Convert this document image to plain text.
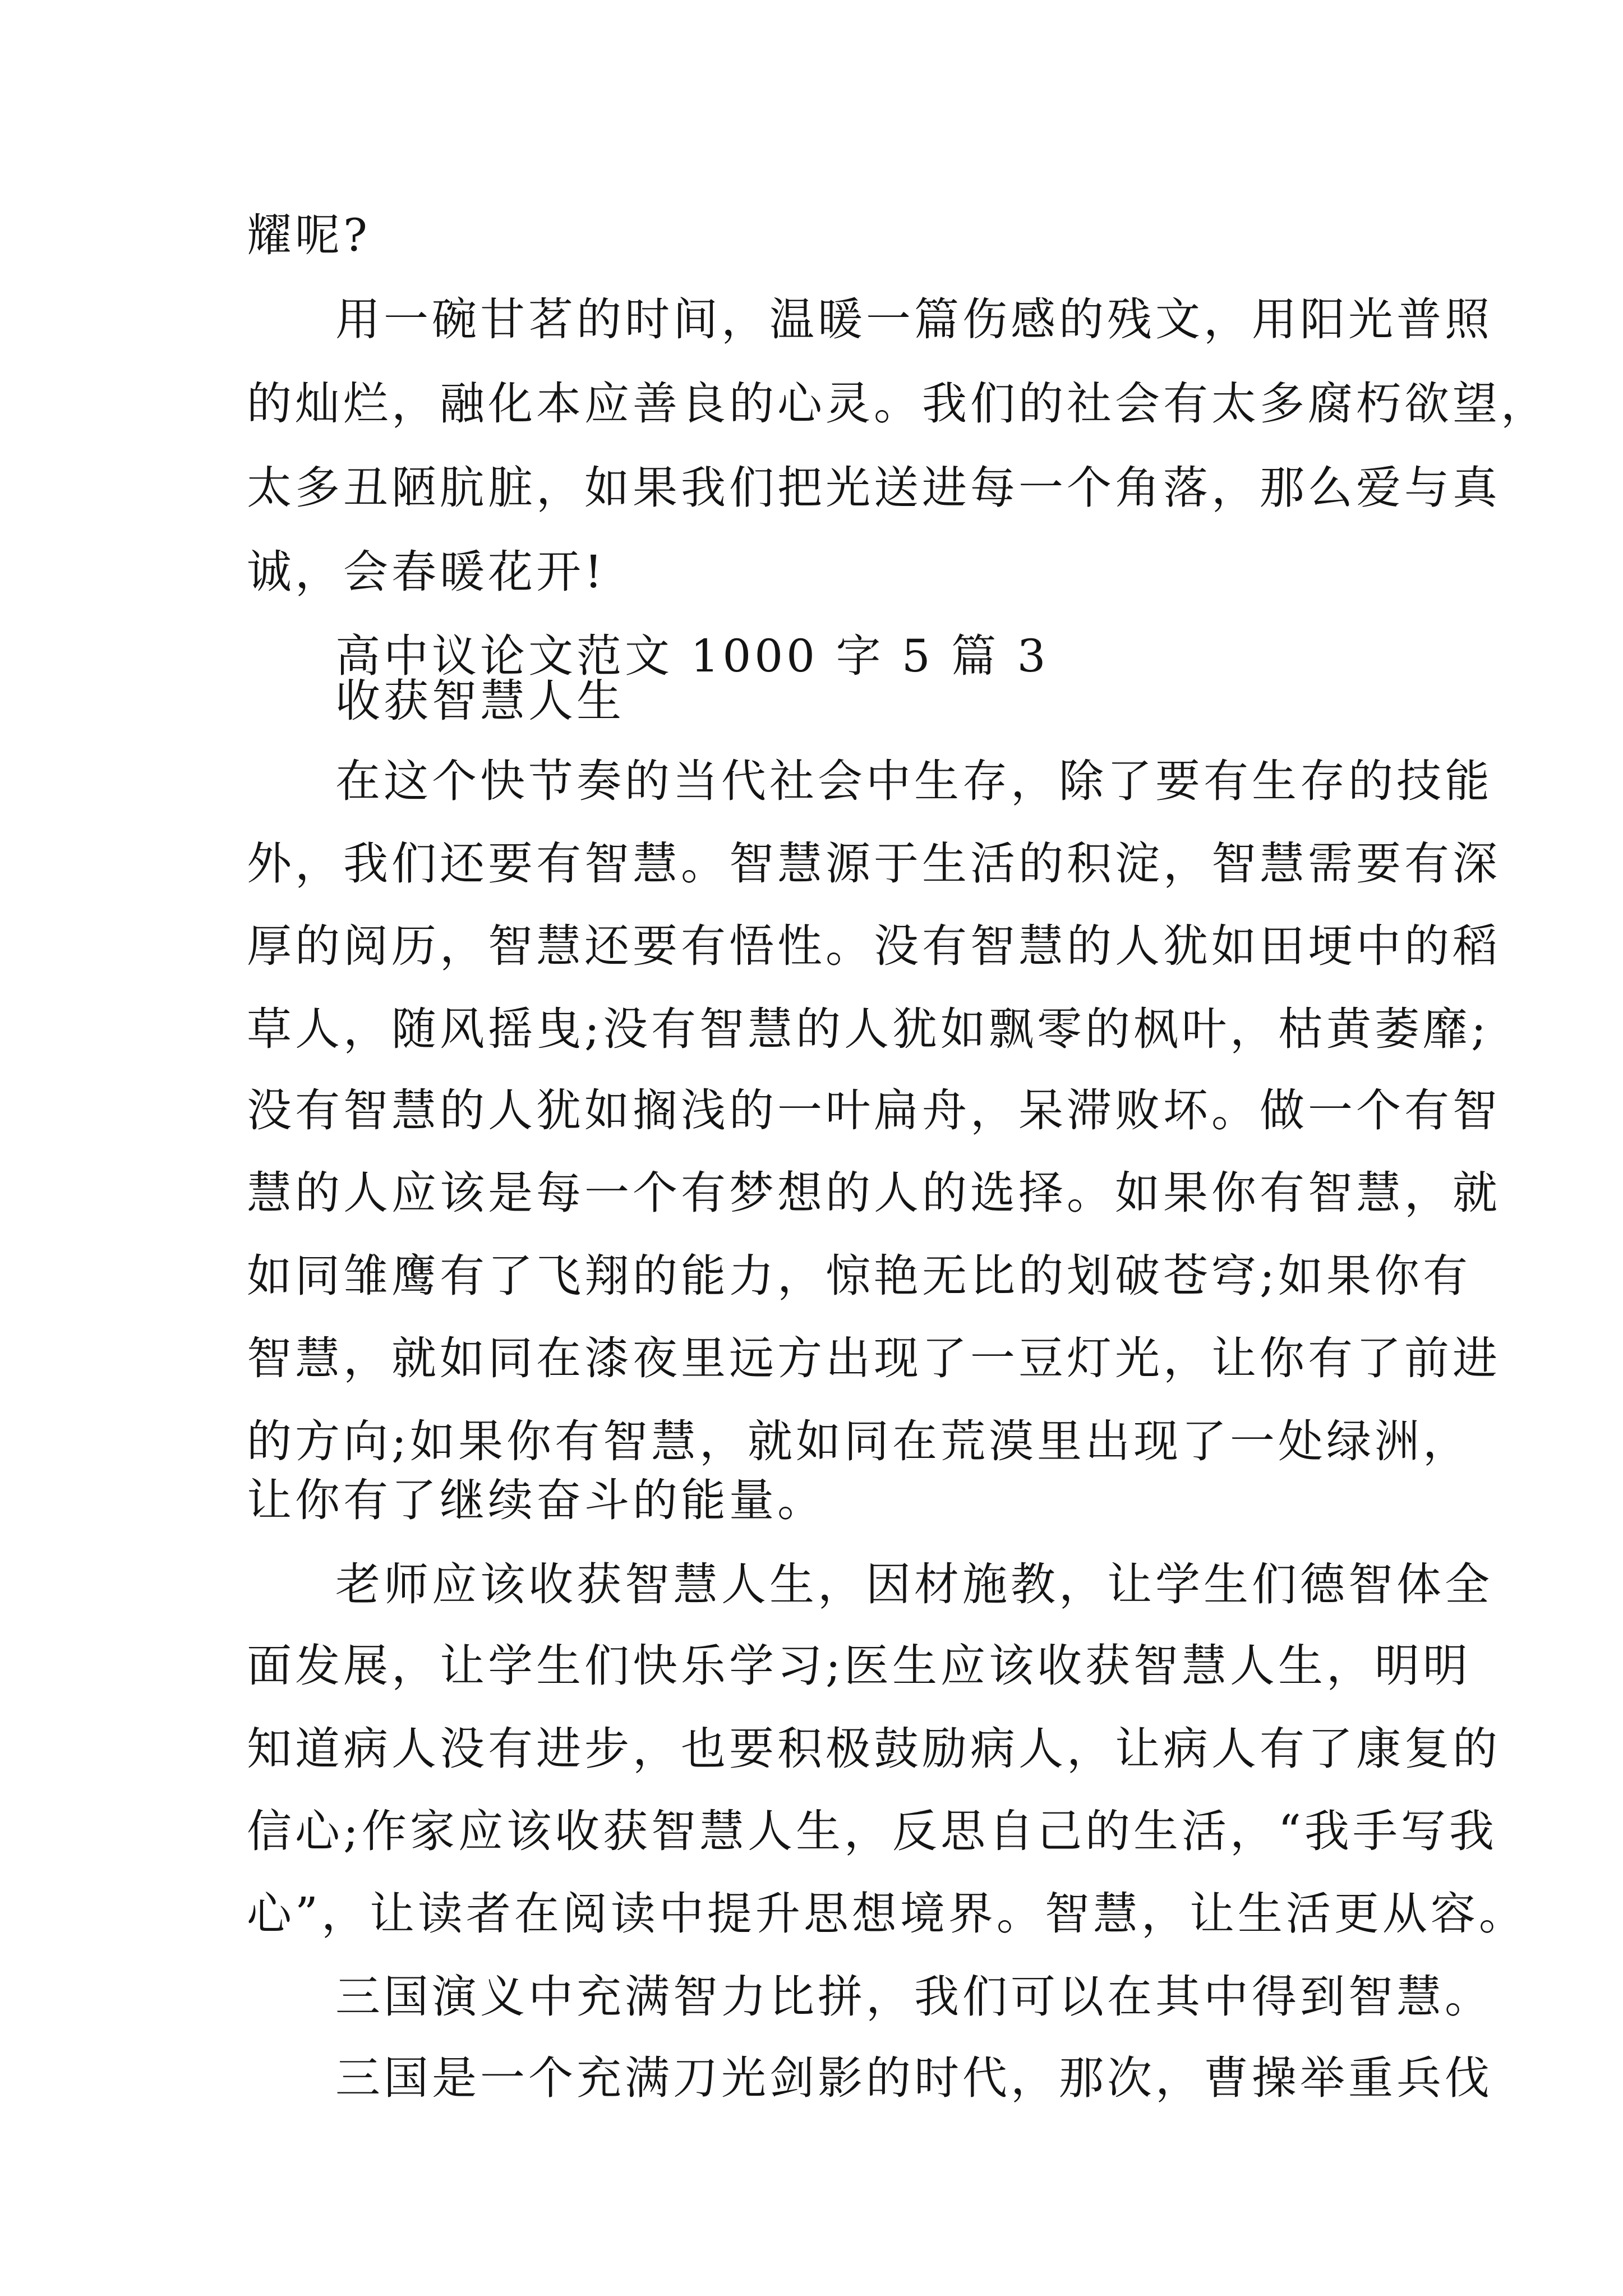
耀呢?
用一碗甘茗的时间，温暖一篇伤感的残文，用阳光普照
的灿烂，融化本应善良的心灵。我们的社会有太多腐朽欲望，
太多丑陋肮脏，如果我们把光送进每一个角落，那么爱与真
诚，会春暖花开!
高中议论文范文 1000 字 5 篇 3
收获智慧人生
在这个快节奏的当代社会中生存，除了要有生存的技能
外，我们还要有智慧。智慧源于生活的积淀，智慧需要有深
厚的阅历，智慧还要有悟性。没有智慧的人犹如田埂中的稻
草人，随风摇曳;没有智慧的人犹如飘零的枫叶，枯黄萎靡;
没有智慧的人犹如搁浅的一叶扁舟，呆滞败坏。做一个有智
慧的人应该是每一个有梦想的人的选择。如果你有智慧，就
如同雏鹰有了飞翔的能力，惊艳无比的划破苍穹;如果你有
智慧，就如同在漆夜里远方出现了一豆灯光，让你有了前进
的方向;如果你有智慧，就如同在荒漠里出现了一处绿洲，
让你有了继续奋斗的能量。
老师应该收获智慧人生，因材施教，让学生们德智体全
面发展，让学生们快乐学习;医生应该收获智慧人生，明明
知道病人没有进步，也要积极鼓励病人，让病人有了康复的
信心;作家应该收获智慧人生，反思自己的生活，“我手写我
心”，让读者在阅读中提升思想境界。智慧，让生活更从容。
三国演义中充满智力比拼，我们可以在其中得到智慧。
三国是一个充满刀光剑影的时代，那次，曹操举重兵伐
